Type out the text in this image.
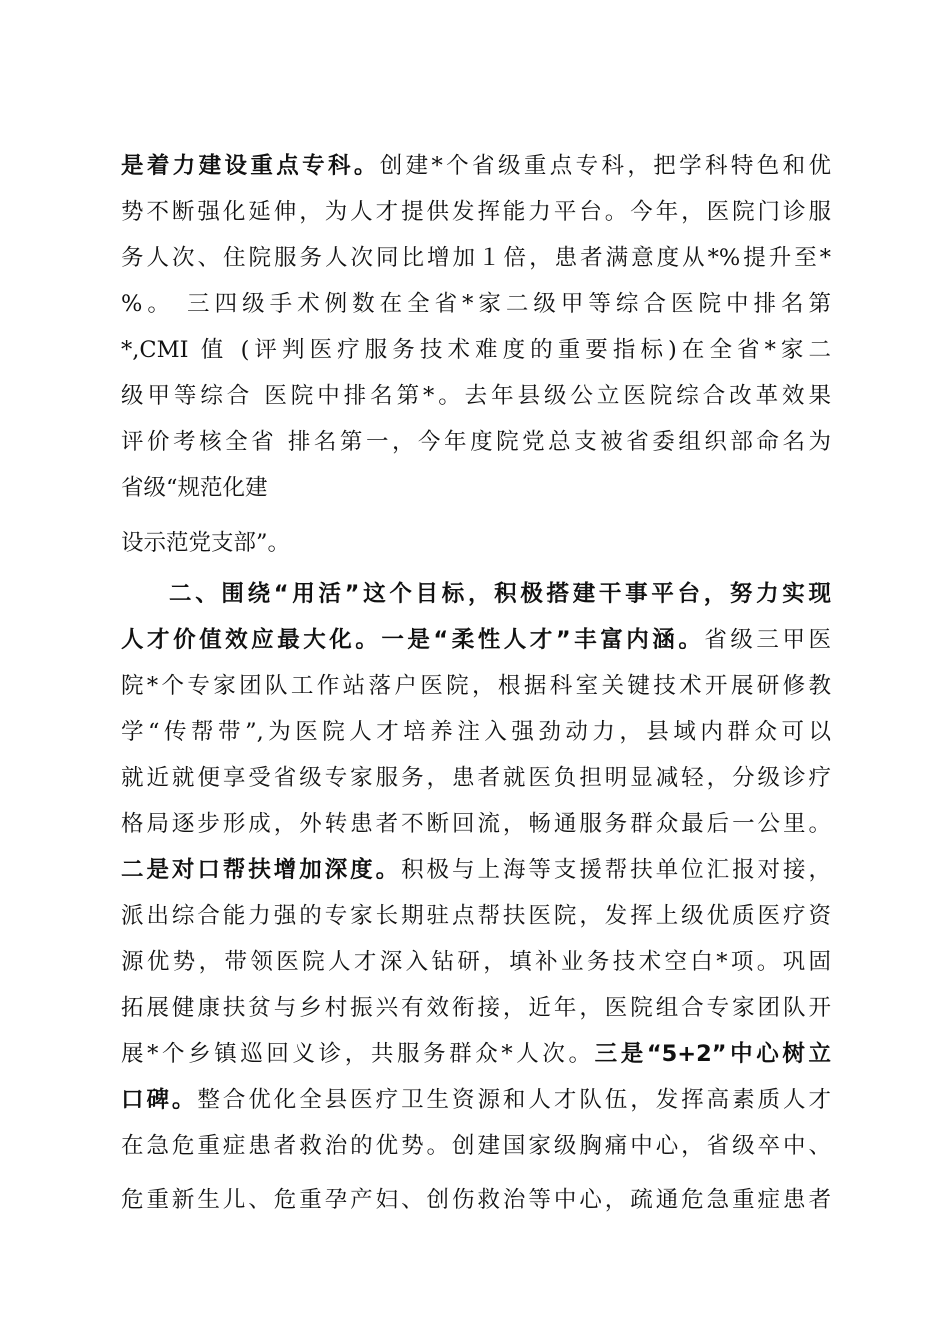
是着力建设重点专科。创建*个省级重点专科，把学科特色和优
势不断强化延伸，为人才提供发挥能力平台。今年，医院门诊服
务人次、住院服务人次同比增加１倍，患者满意度从*%提升至*
%。 三四级手术例数在全省*家二级甲等综合医院中排名第
*,CMI 值 (评判医疗服务技术难度的重要指标)在全省*家二
级甲等综合 医院中排名第*。去年县级公立医院综合改革效果
评价考核全省 排名第一，今年度院党总支被省委组织部命名为
省级“规范化建
设示范党支部”。
二、围绕“用活”这个目标，积极搭建干事平台，努力实现
人才价值效应最大化。一是“柔性人才”丰富内涵。省级三甲医
院*个专家团队工作站落户医院，根据科室关键技术开展研修教
学“传帮带”,为医院人才培养注入强劲动力，县域内群众可以
就近就便享受省级专家服务，患者就医负担明显减轻，分级诊疗
格局逐步形成，外转患者不断回流，畅通服务群众最后一公里。
二是对口帮扶增加深度。积极与上海等支援帮扶单位汇报对接，
派出综合能力强的专家长期驻点帮扶医院，发挥上级优质医疗资
源优势，带领医院人才深入钻研，填补业务技术空白*项。巩固
拓展健康扶贫与乡村振兴有效衔接，近年，医院组合专家团队开
展*个乡镇巡回义诊，共服务群众*人次。三是“5+2”中心树立
口碑。整合优化全县医疗卫生资源和人才队伍，发挥高素质人才
在急危重症患者救治的优势。创建国家级胸痛中心，省级卒中、
危重新生儿、危重孕产妇、创伤救治等中心，疏通危急重症患者
